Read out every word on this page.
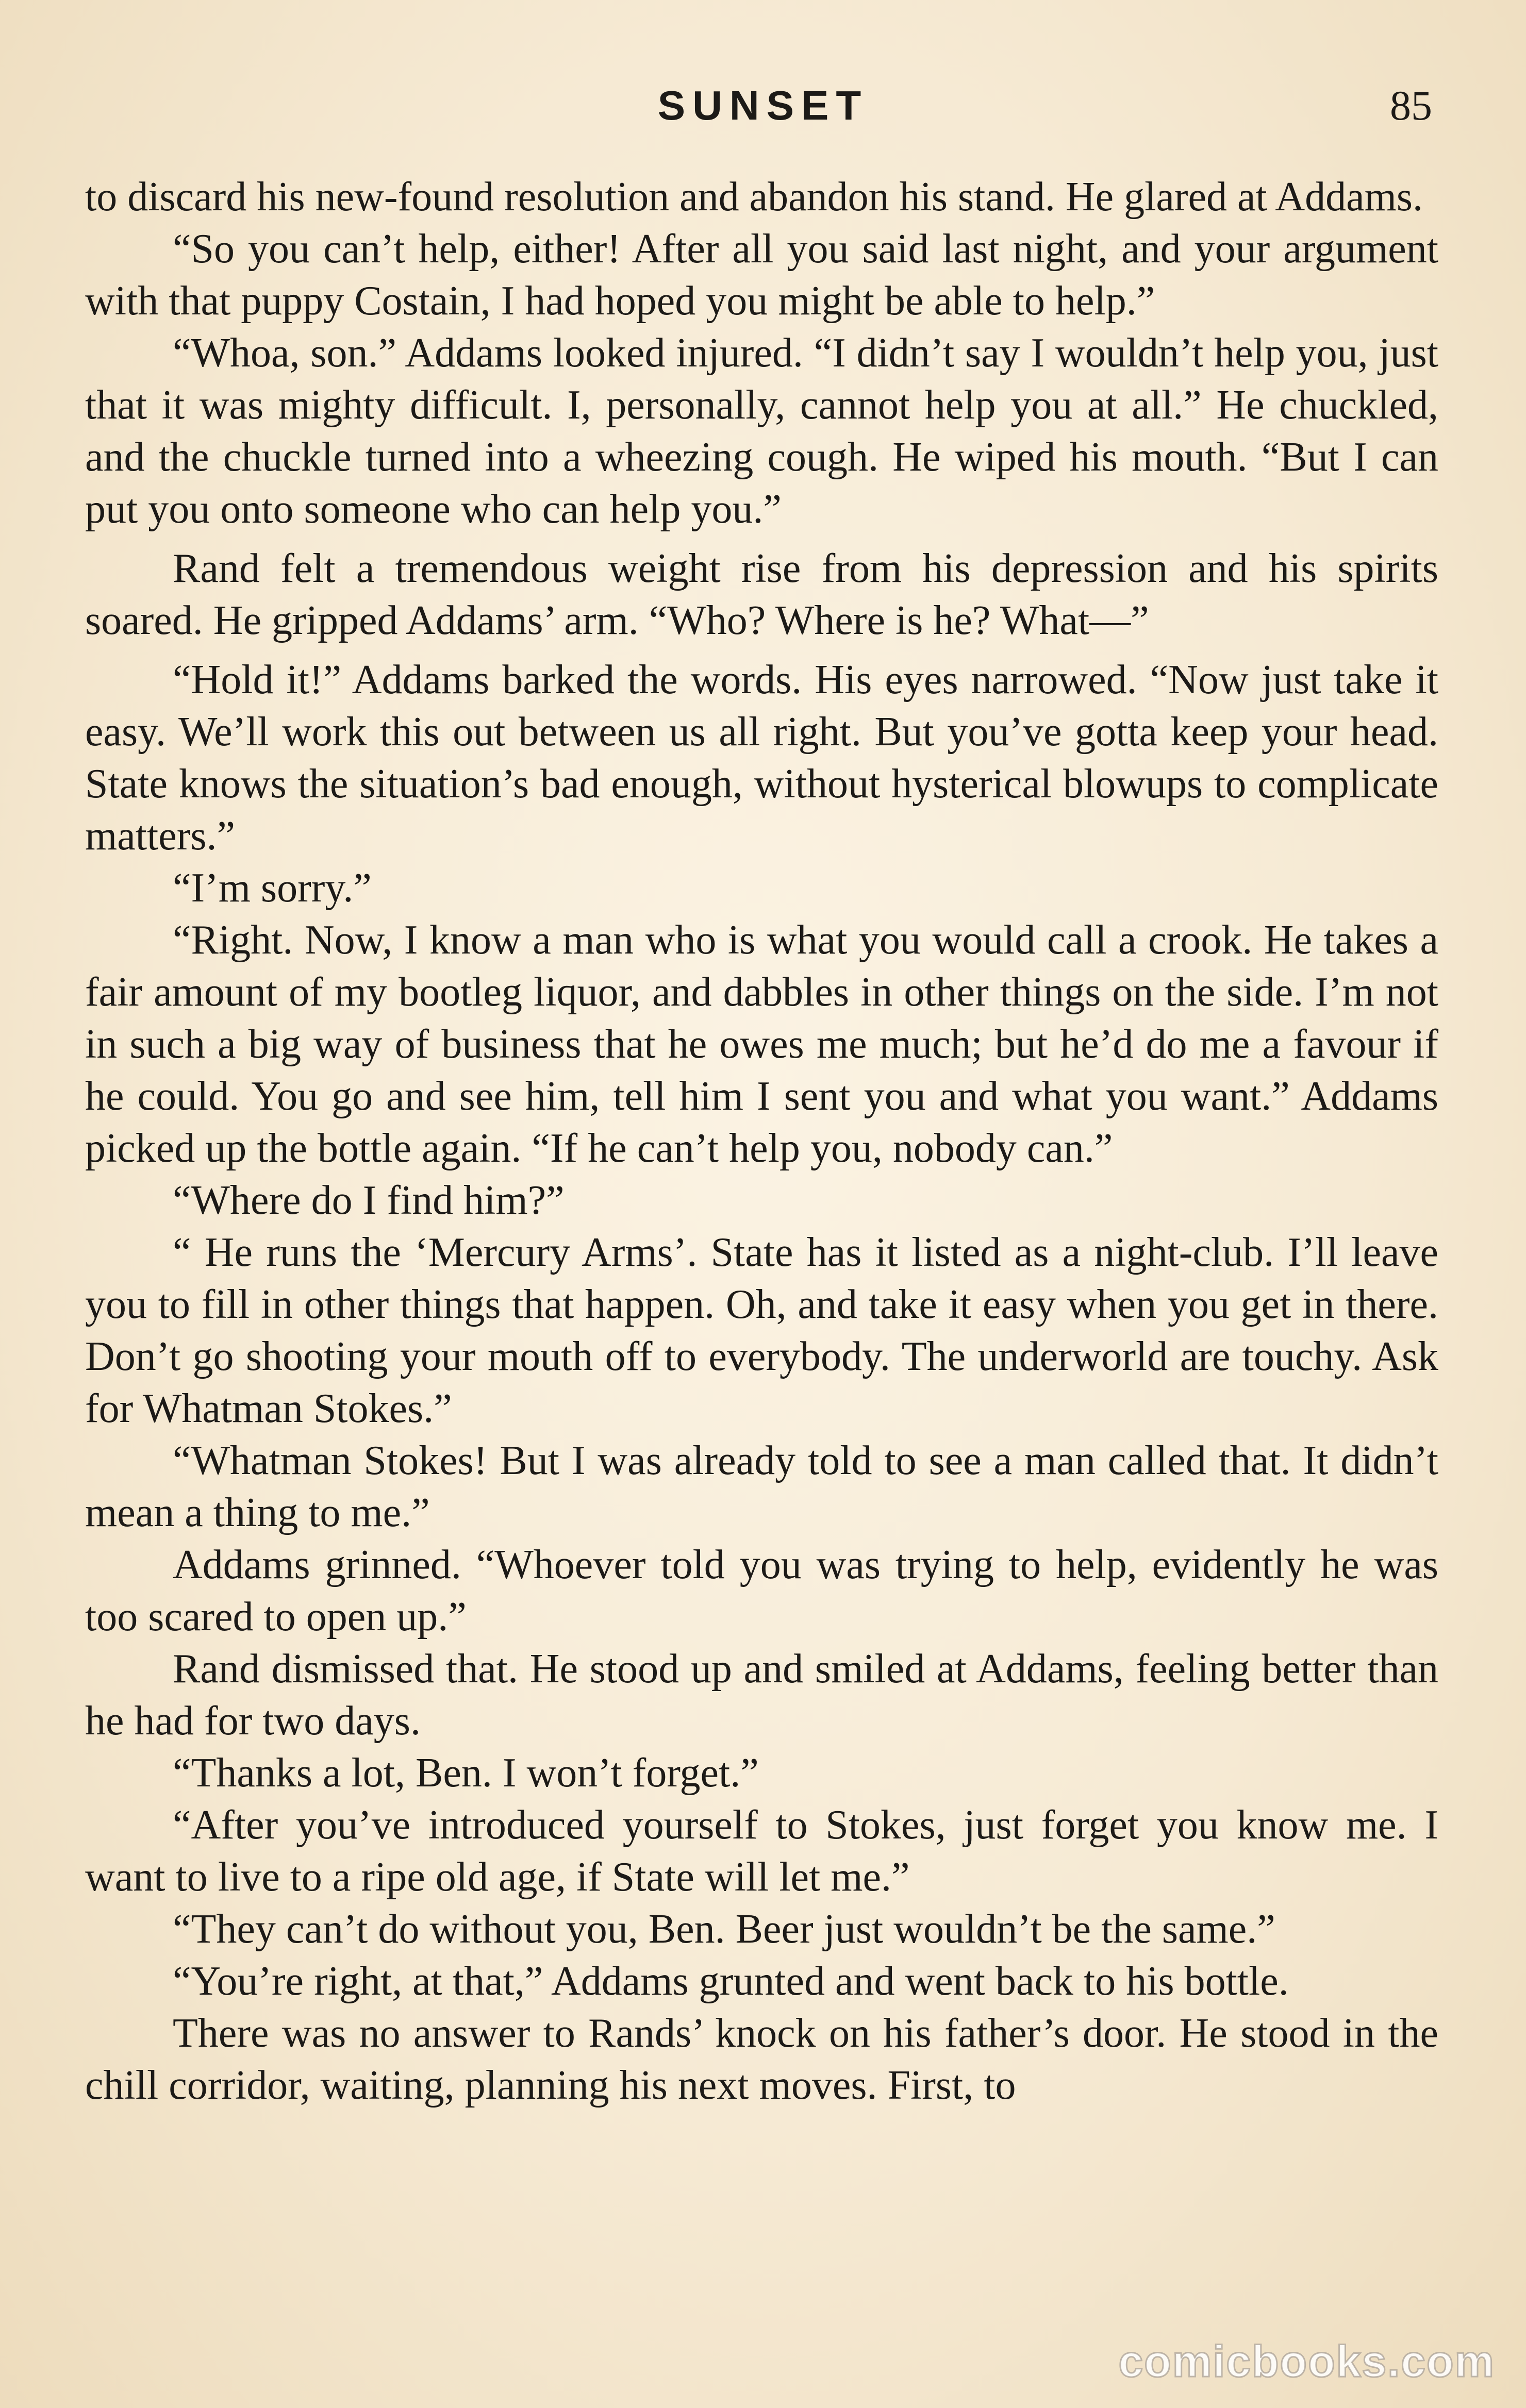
SUNSET	85

to discard his new-found resolution and abandon his stand. He glared at Addams.

“So you can’t help, either! After all you said last night, and your argument with that puppy Costain, I had hoped you might be able to help.”

“Whoa, son.” Addams looked injured. “I didn’t say I wouldn’t help you, just that it was mighty difficult. I, personally, cannot help you at all.” He chuckled, and the chuckle turned into a wheezing cough. He wiped his mouth. “But I can put you onto someone who can help you.”

Rand felt a tremendous weight rise from his depression and his spirits soared. He gripped Addams’ arm. “Who? Where is he? What—”

“Hold it!” Addams barked the words. His eyes narrowed. “Now just take it easy. We’ll work this out between us all right. But you’ve gotta keep your head. State knows the situation’s bad enough, without hysterical blowups to complicate matters.”

“I’m sorry.”

“Right. Now, I know a man who is what you would call a crook. He takes a fair amount of my bootleg liquor, and dabbles in other things on the side. I’m not in such a big way of business that he owes me much; but he’d do me a favour if he could. You go and see him, tell him I sent you and what you want.” Addams picked up the bottle again. “If he can’t help you, nobody can.”

“Where do I find him?”

“ He runs the ‘Mercury Arms’. State has it listed as a night-club. I’ll leave you to fill in other things that happen. Oh, and take it easy when you get in there. Don’t go shooting your mouth off to everybody. The underworld are touchy. Ask for Whatman Stokes.”

“Whatman Stokes! But I was already told to see a man called that. It didn’t mean a thing to me.”

Addams grinned. “Whoever told you was trying to help, evidently he was too scared to open up.”

Rand dismissed that. He stood up and smiled at Addams, feeling better than he had for two days.

“Thanks a lot, Ben. I won’t forget.”

“After you’ve introduced yourself to Stokes, just forget you know me. I want to live to a ripe old age, if State will let me.”

“They can’t do without you, Ben. Beer just wouldn’t be the same.”

“You’re right, at that,” Addams grunted and went back to his bottle.

There was no answer to Rands’ knock on his father’s door. He stood in the chill corridor, waiting, planning his next moves. First, to

comicbooks.com
